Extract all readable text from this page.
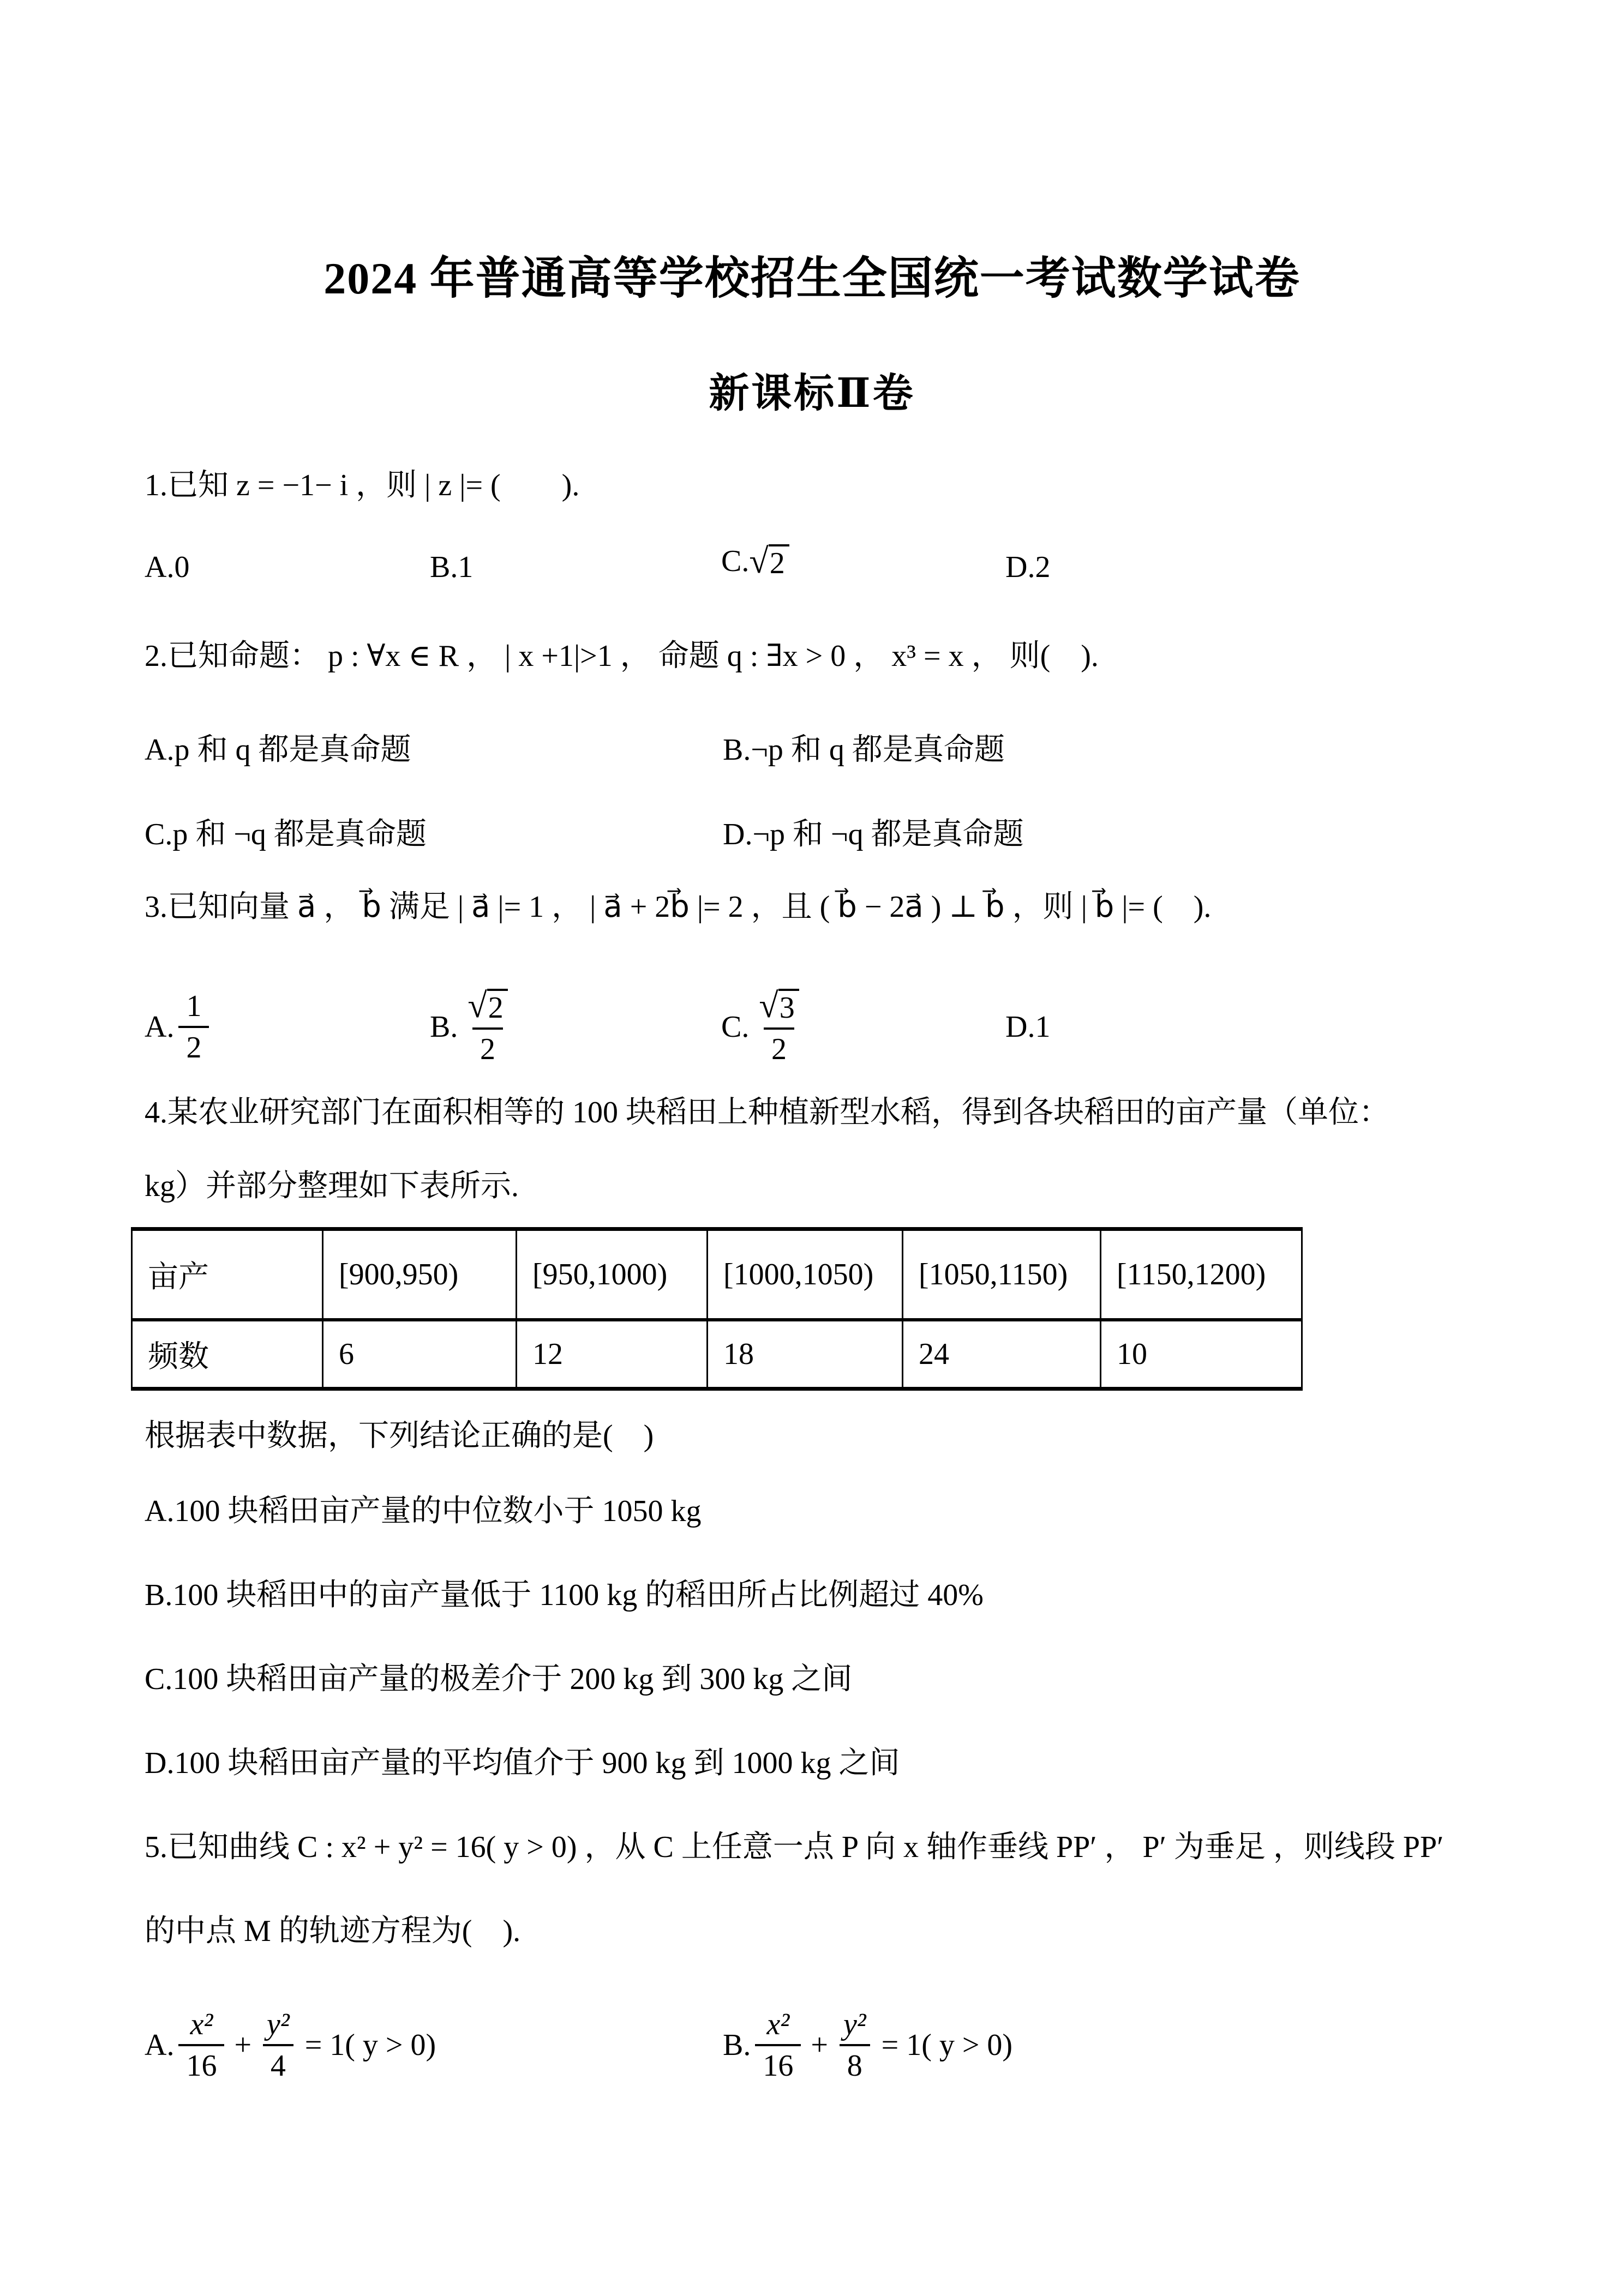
2024 年普通高等学校招生全国统一考试数学试卷
新课标Ⅱ卷
1.已知 z = −1− i ，则 | z |= (　　).
A.0	B.1	C. √ 2	D.2
2.已知命题： p : ∀x ∈ R ， | x +1|>1 ， 命题 q : ∃x > 0 ， x³ = x ， 则(　).
A.p 和 q 都是真命题	B.¬p 和 q 都是真命题
C.p 和 ¬q 都是真命题	D.¬p 和 ¬q 都是真命题
3.已知向量 a⃗ ， b⃗ 满足 | a⃗ |= 1 ， | a⃗ + 2b⃗ |= 2 ，且 ( b⃗ − 2a⃗ ) ⊥ b⃗ ，则 | b⃗ |= (　).
A. $\frac{1}{2}$	B. $\frac{√ 2}{2}$	C. $\frac{√ 3}{2}$	D.1
4.某农业研究部门在面积相等的 100 块稻田上种植新型水稻，得到各块稻田的亩产量（单位：
kg）并部分整理如下表所示.
亩产	[900,950)	[950,1000)	[1000,1050)	[1050,1150)	[1150,1200)
频数	6	12	18	24	10
根据表中数据，下列结论正确的是(　)
A.100 块稻田亩产量的中位数小于 1050 kg
B.100 块稻田中的亩产量低于 1100 kg 的稻田所占比例超过 40%
C.100 块稻田亩产量的极差介于 200 kg 到 300 kg 之间
D.100 块稻田亩产量的平均值介于 900 kg 到 1000 kg 之间
5.已知曲线 C : x² + y² = 16( y > 0) ，从 C 上任意一点 P 向 x 轴作垂线 PP′ ， P′ 为垂足 ，则线段 PP′
的中点 M 的轨迹方程为(　).
A. $\frac{\text{x²}}{16} + \frac{\text{y²}}{4} = 1$( y > 0)	B. $\frac{\text{x²}}{16} + \frac{\text{y²}}{8} = 1$( y > 0)
